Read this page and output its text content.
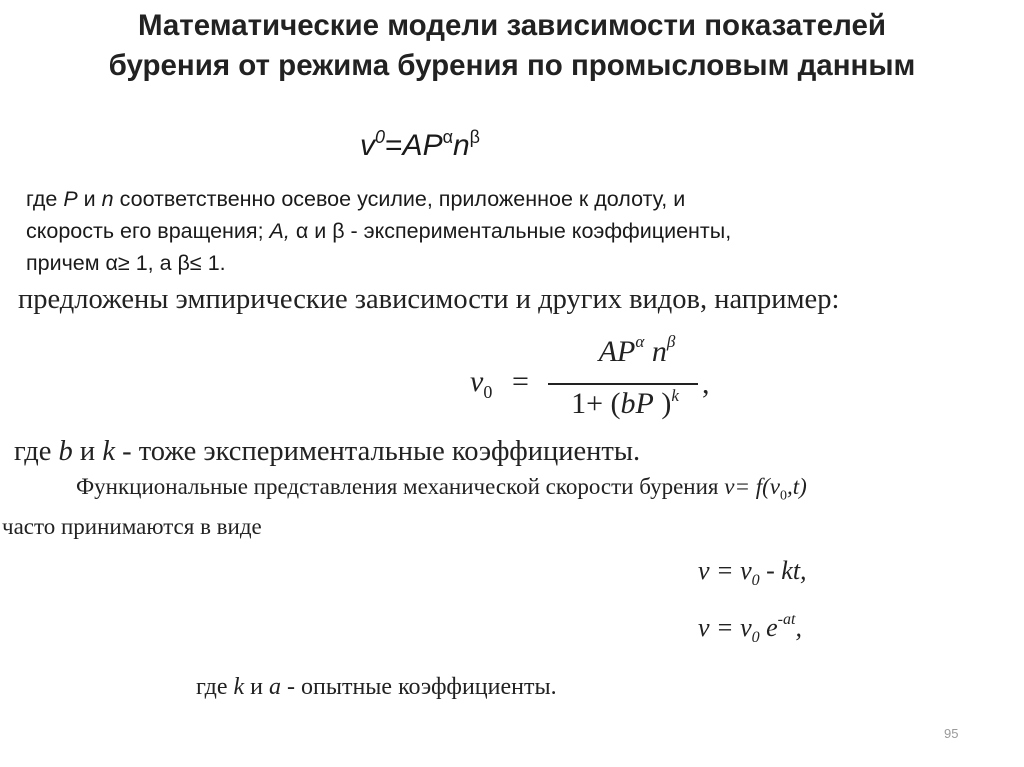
Математические модели зависимости показателей
бурения от режима бурения по промысловым данным
$v^0=AP^\alpha n^\beta$
где P и n соответственно осевое усилие, приложенное к долоту, и
скорость его вращения; A, α и β - экспериментальные коэффициенты,
причем α≥ 1, а β≤ 1.
предложены эмпирические зависимости и других видов, например:
$v_0$ =
$AP^\alpha$ $n^\beta$
1+ (bP )$^k$ ,
где b и k - тоже экспериментальные коэффициенты.
Функциональные представления механической скорости бурения $v= f(v_0,t)$
часто принимаются в виде
$v = v_0$ - kt,
$v = v_0$ $e^{-at}$,
где k и a - опытные коэффициенты.
95
